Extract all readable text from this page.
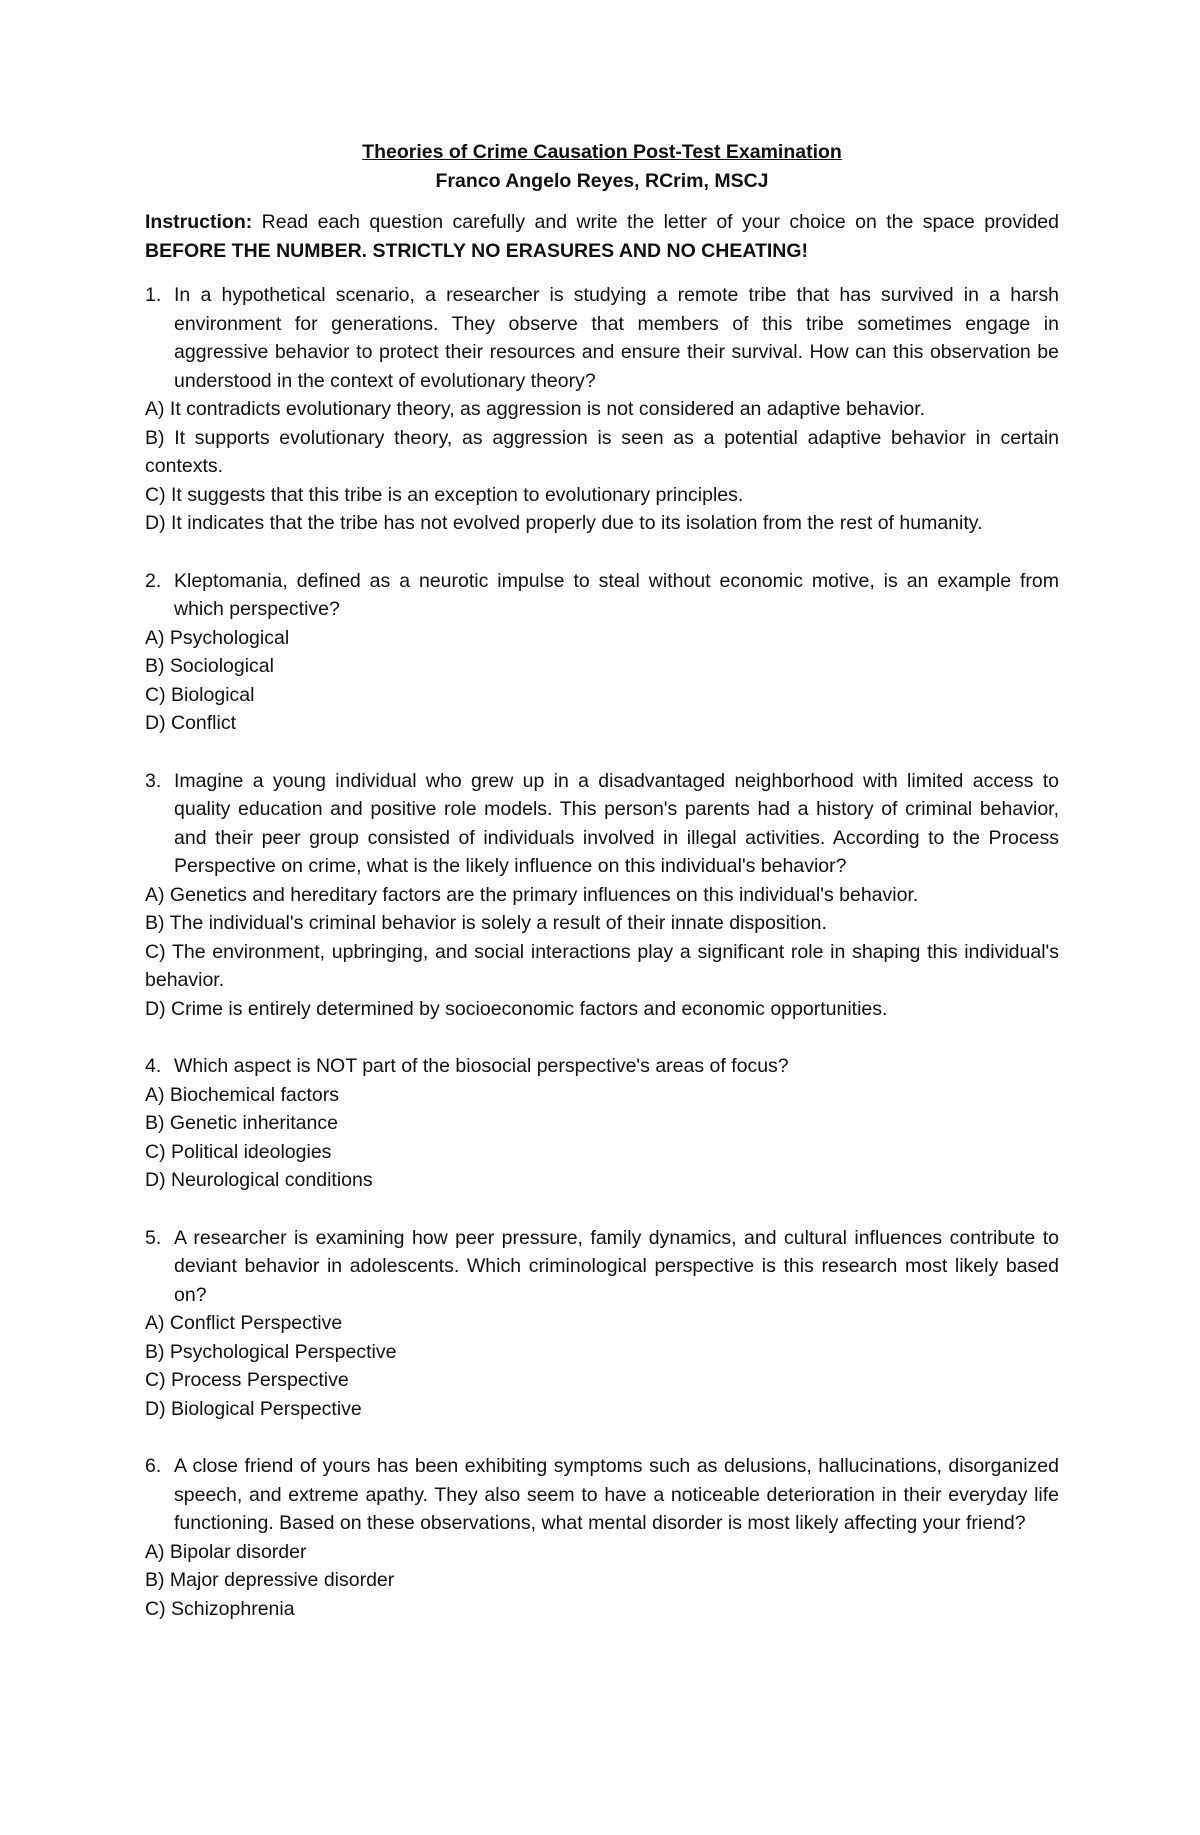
Theories of Crime Causation Post-Test Examination

Franco Angelo Reyes, RCrim, MSCJ

Instruction: Read each question carefully and write the letter of your choice on the space provided BEFORE THE NUMBER. STRICTLY NO ERASURES AND NO CHEATING!

1. In a hypothetical scenario, a researcher is studying a remote tribe that has survived in a harsh environment for generations. They observe that members of this tribe sometimes engage in aggressive behavior to protect their resources and ensure their survival. How can this observation be understood in the context of evolutionary theory?

A) It contradicts evolutionary theory, as aggression is not considered an adaptive behavior.

B) It supports evolutionary theory, as aggression is seen as a potential adaptive behavior in certain contexts.

C) It suggests that this tribe is an exception to evolutionary principles.

D) It indicates that the tribe has not evolved properly due to its isolation from the rest of humanity.

2. Kleptomania, defined as a neurotic impulse to steal without economic motive, is an example from which perspective?

A) Psychological

B) Sociological

C) Biological

D) Conflict

3. Imagine a young individual who grew up in a disadvantaged neighborhood with limited access to quality education and positive role models. This person's parents had a history of criminal behavior, and their peer group consisted of individuals involved in illegal activities. According to the Process Perspective on crime, what is the likely influence on this individual's behavior?

A) Genetics and hereditary factors are the primary influences on this individual's behavior.

B) The individual's criminal behavior is solely a result of their innate disposition.

C) The environment, upbringing, and social interactions play a significant role in shaping this individual's behavior.

D) Crime is entirely determined by socioeconomic factors and economic opportunities.

4. Which aspect is NOT part of the biosocial perspective's areas of focus?

A) Biochemical factors

B) Genetic inheritance

C) Political ideologies

D) Neurological conditions

5. A researcher is examining how peer pressure, family dynamics, and cultural influences contribute to deviant behavior in adolescents. Which criminological perspective is this research most likely based on?

A) Conflict Perspective

B) Psychological Perspective

C) Process Perspective

D) Biological Perspective

6. A close friend of yours has been exhibiting symptoms such as delusions, hallucinations, disorganized speech, and extreme apathy. They also seem to have a noticeable deterioration in their everyday life functioning. Based on these observations, what mental disorder is most likely affecting your friend?

A) Bipolar disorder

B) Major depressive disorder

C) Schizophrenia
